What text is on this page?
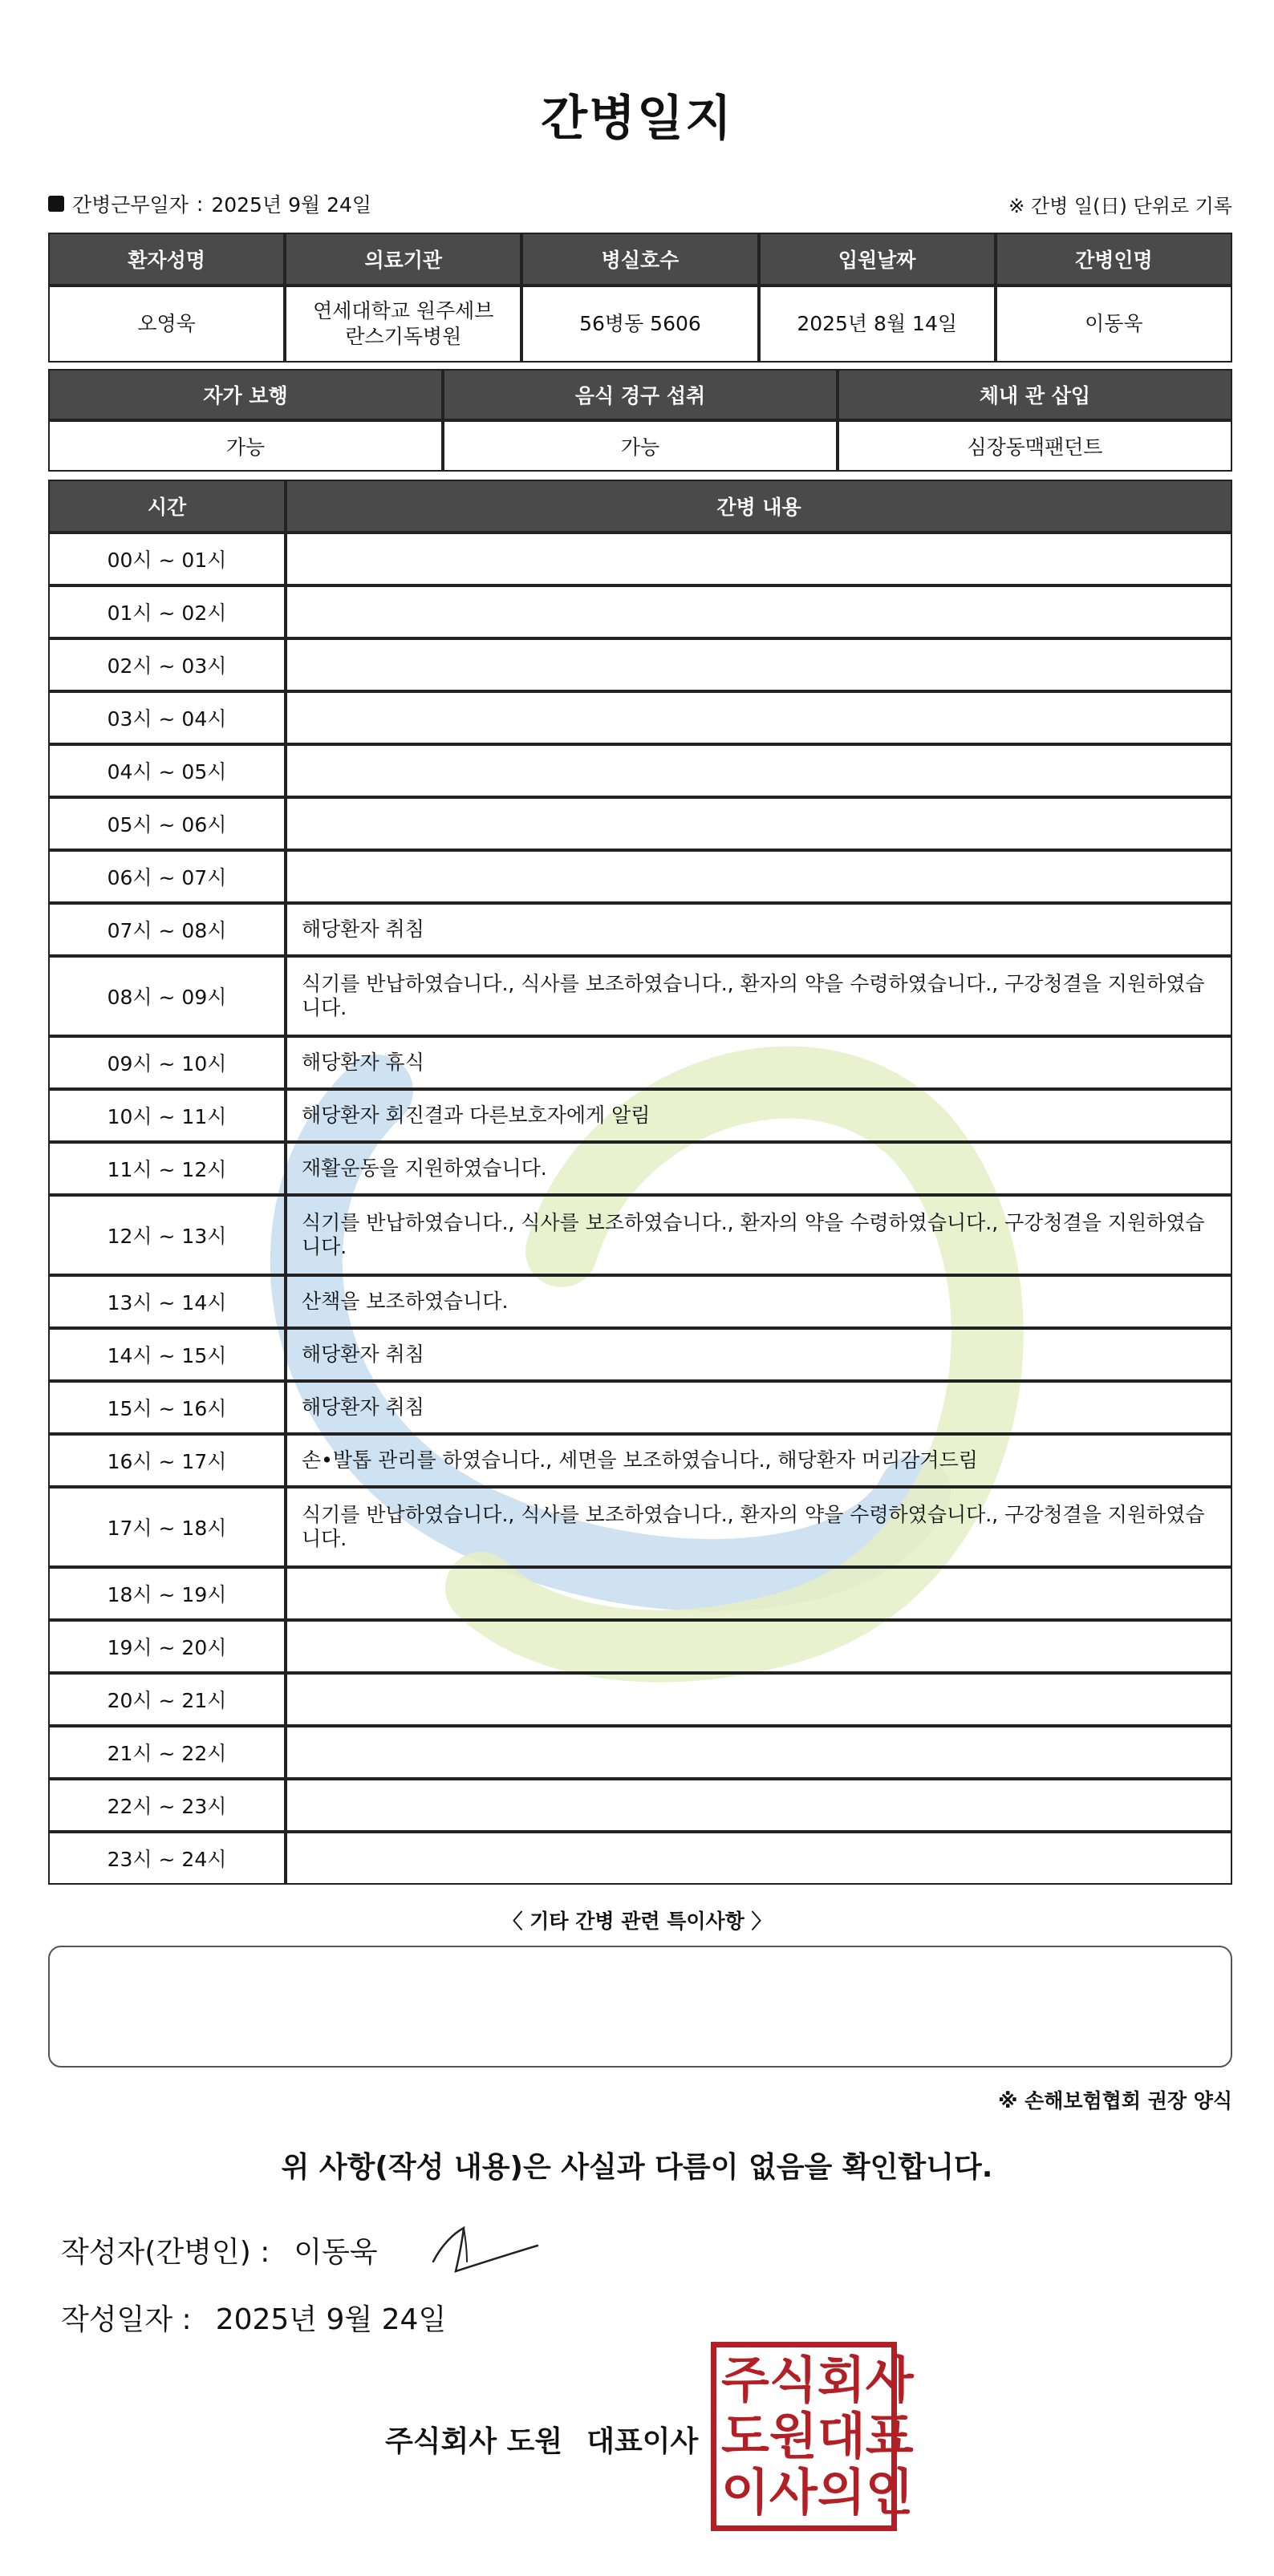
간병일지
간병근무일자 : 2025년 9월 24일	※ 간병 일(日) 단위로 기록
환자성명	의료기관	병실호수	입원날짜	간병인명
오영욱	연세대학교 원주세브란스기독병원	56병동 5606	2025년 8월 14일	이동욱
자가 보행	음식 경구 섭취	체내 관 삽입
가능	가능	심장동맥팬던트
시간	간병 내용
00시 ~ 01시	
01시 ~ 02시	
02시 ~ 03시	
03시 ~ 04시	
04시 ~ 05시	
05시 ~ 06시	
06시 ~ 07시	
07시 ~ 08시	해당환자 취침
08시 ~ 09시	식기를 반납하였습니다., 식사를 보조하였습니다., 환자의 약을 수령하였습니다., 구강청결을 지원하였습니다.
09시 ~ 10시	해당환자 휴식
10시 ~ 11시	해당환자 회진결과 다른보호자에게 알림
11시 ~ 12시	재활운동을 지원하였습니다.
12시 ~ 13시	식기를 반납하였습니다., 식사를 보조하였습니다., 환자의 약을 수령하였습니다., 구강청결을 지원하였습니다.
13시 ~ 14시	산책을 보조하였습니다.
14시 ~ 15시	해당환자 취침
15시 ~ 16시	해당환자 취침
16시 ~ 17시	손•발톱 관리를 하였습니다., 세면을 보조하였습니다., 해당환자 머리감겨드림
17시 ~ 18시	식기를 반납하였습니다., 식사를 보조하였습니다., 환자의 약을 수령하였습니다., 구강청결을 지원하였습니다.
18시 ~ 19시	
19시 ~ 20시	
20시 ~ 21시	
21시 ~ 22시	
22시 ~ 23시	
23시 ~ 24시	
〈 기타 간병 관련 특이사항 〉
※ 손해보험협회 권장 양식
위 사항(작성 내용)은 사실과 다름이 없음을 확인합니다.
작성자(간병인) : 이동욱
작성일자 : 2025년 9월 24일
주식회사 도원 대표이사
주 식 회 사
도 원 대 표
이 사 의 인
